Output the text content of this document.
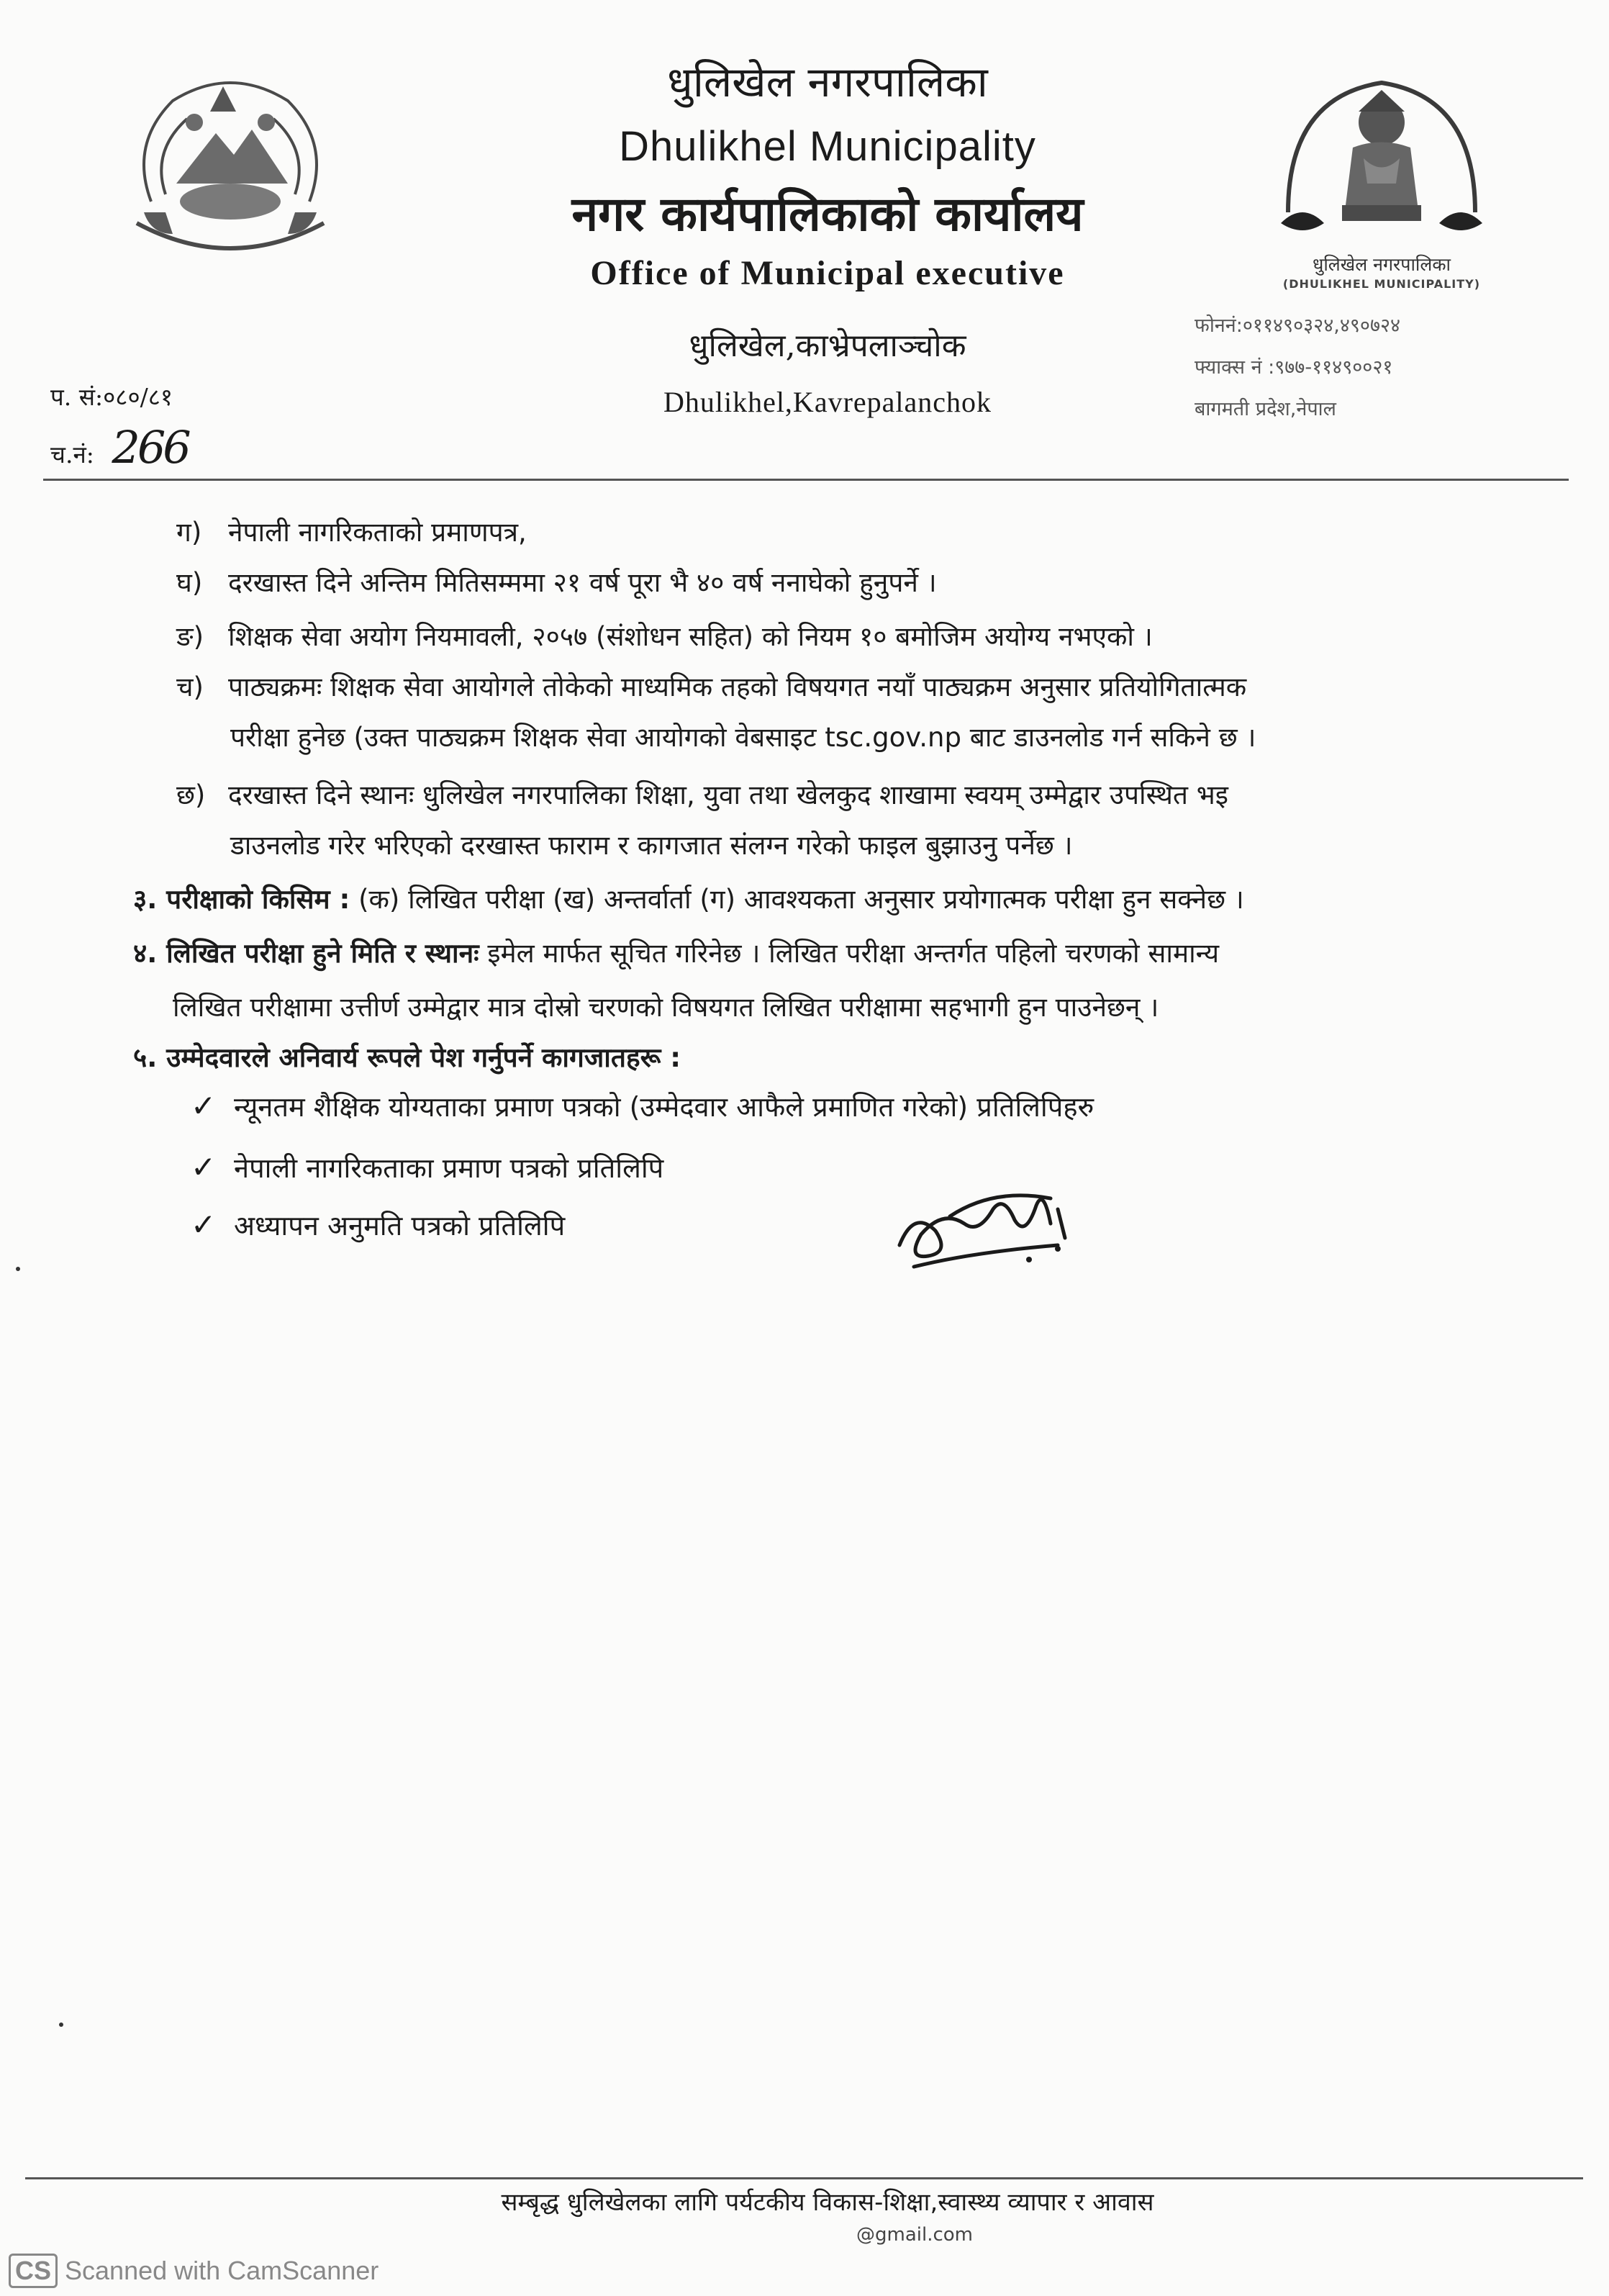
धुलिखेल नगरपालिका
(DHULIKHEL MUNICIPALITY)
धुलिखेल नगरपालिका
Dhulikhel Municipality
नगर कार्यपालिकाको कार्यालय
Office of Municipal executive
धुलिखेल,काभ्रेपलाञ्चोक
Dhulikhel,Kavrepalanchok
फोननं:०११४९०३२४,४९०७२४
फ्याक्स नं :९७७-११४९००२१
बागमती प्रदेश,नेपाल
प. सं:०८०/८१
च.नं: 266
ग) नेपाली नागरिकताको प्रमाणपत्र,
घ) दरखास्त दिने अन्तिम मितिसम्ममा २१ वर्ष पूरा भै ४० वर्ष ननाघेको हुनुपर्ने ।
ङ) शिक्षक सेवा अयोग नियमावली, २०५७ (संशोधन सहित) को नियम १० बमोजिम अयोग्य नभएको ।
च) पाठ्यक्रमः शिक्षक सेवा आयोगले तोकेको माध्यमिक तहको विषयगत नयाँ पाठ्यक्रम अनुसार प्रतियोगितात्मक
परीक्षा हुनेछ (उक्त पाठ्यक्रम शिक्षक सेवा आयोगको वेबसाइट tsc.gov.np बाट डाउनलोड गर्न सकिने छ ।
छ) दरखास्त दिने स्थानः धुलिखेल नगरपालिका शिक्षा, युवा तथा खेलकुद शाखामा स्वयम् उम्मेद्वार उपस्थित भइ
डाउनलोड गरेर भरिएको दरखास्त फाराम र कागजात संलग्न गरेको फाइल बुझाउनु पर्नेछ ।
३. परीक्षाको किसिम : (क) लिखित परीक्षा (ख) अन्तर्वार्ता (ग) आवश्यकता अनुसार प्रयोगात्मक परीक्षा हुन सक्नेछ ।
४. लिखित परीक्षा हुने मिति र स्थानः इमेल मार्फत सूचित गरिनेछ । लिखित परीक्षा अन्तर्गत पहिलो चरणको सामान्य
लिखित परीक्षामा उत्तीर्ण उम्मेद्वार मात्र दोस्रो चरणको विषयगत लिखित परीक्षामा सहभागी हुन पाउनेछन् ।
५. उम्मेदवारले अनिवार्य रूपले पेश गर्नुपर्ने कागजातहरू :
✓ न्यूनतम शैक्षिक योग्यताका प्रमाण पत्रको (उम्मेदवार आफैले प्रमाणित गरेको) प्रतिलिपिहरु
✓ नेपाली नागरिकताका प्रमाण पत्रको प्रतिलिपि
✓ अध्यापन अनुमति पत्रको प्रतिलिपि
सम्बृद्ध धुलिखेलका लागि पर्यटकीय विकास-शिक्षा,स्वास्थ्य व्यापार र आवास
@gmail.com
CS Scanned with CamScanner
